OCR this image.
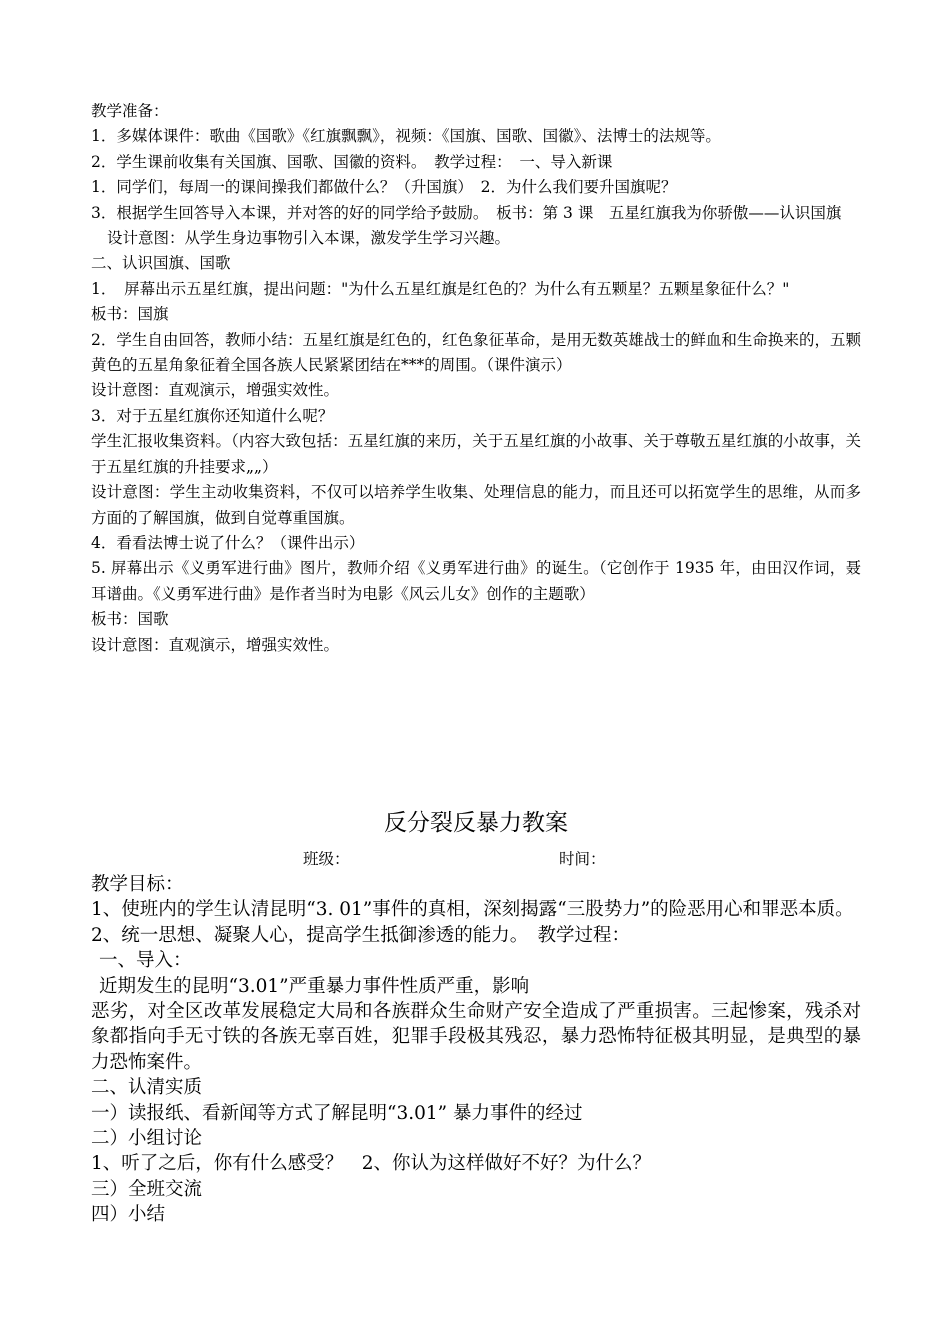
教学准备：

1．多媒体课件：歌曲《国歌》《红旗飘飘》，视频：《国旗、国歌、国徽》、法博士的法规等。

2．学生课前收集有关国旗、国歌、国徽的资料。　教学过程：　一、导入新课

1．同学们，每周一的课间操我们都做什么？（升国旗）　2．为什么我们要升国旗呢？

3．根据学生回答导入本课，并对答的好的同学给予鼓励。　板书：第 3 课　五星红旗我为你骄傲——认识国旗

设计意图：从学生身边事物引入本课，激发学生学习兴趣。

二、认识国旗、国歌

1．　屏幕出示五星红旗，提出问题："为什么五星红旗是红色的？为什么有五颗星？五颗星象征什么？"

板书：国旗

2．学生自由回答，教师小结：五星红旗是红色的，红色象征革命，是用无数英雄战士的鲜血和生命换来的，五颗黄色的五星角象征着全国各族人民紧紧团结在***的周围。（课件演示）

设计意图：直观演示，增强实效性。

3．对于五星红旗你还知道什么呢？

学生汇报收集资料。（内容大致包括：五星红旗的来历，关于五星红旗的小故事、关于尊敬五星红旗的小故事，关于五星红旗的升挂要求„„）

设计意图：学生主动收集资料，不仅可以培养学生收集、处理信息的能力，而且还可以拓宽学生的思维，从而多方面的了解国旗，做到自觉尊重国旗。

4．看看法博士说了什么？（课件出示）

5. 屏幕出示《义勇军进行曲》图片，教师介绍《义勇军进行曲》的诞生。（它创作于 1935 年，由田汉作词，聂耳谱曲。《义勇军进行曲》是作者当时为电影《风云儿女》创作的主题歌）

板书：国歌

设计意图：直观演示，增强实效性。

反分裂反暴力教案

班级：	时间：

教学目标：

1、使班内的学生认清昆明“3. 01”事件的真相，深刻揭露“三股势力”的险恶用心和罪恶本质。

2、统一思想、凝聚人心，提高学生抵御渗透的能力。　教学过程：

一、导入：

近期发生的昆明“3.01”严重暴力事件性质严重，影响

恶劣，对全区改革发展稳定大局和各族群众生命财产安全造成了严重损害。三起惨案，残杀对象都指向手无寸铁的各族无辜百姓，犯罪手段极其残忍，暴力恐怖特征极其明显，是典型的暴力恐怖案件。

二、认清实质

一）读报纸、看新闻等方式了解昆明“3.01” 暴力事件的经过

二）小组讨论

1、听了之后，你有什么感受？　2、你认为这样做好不好？为什么？

三）全班交流

四）小结
